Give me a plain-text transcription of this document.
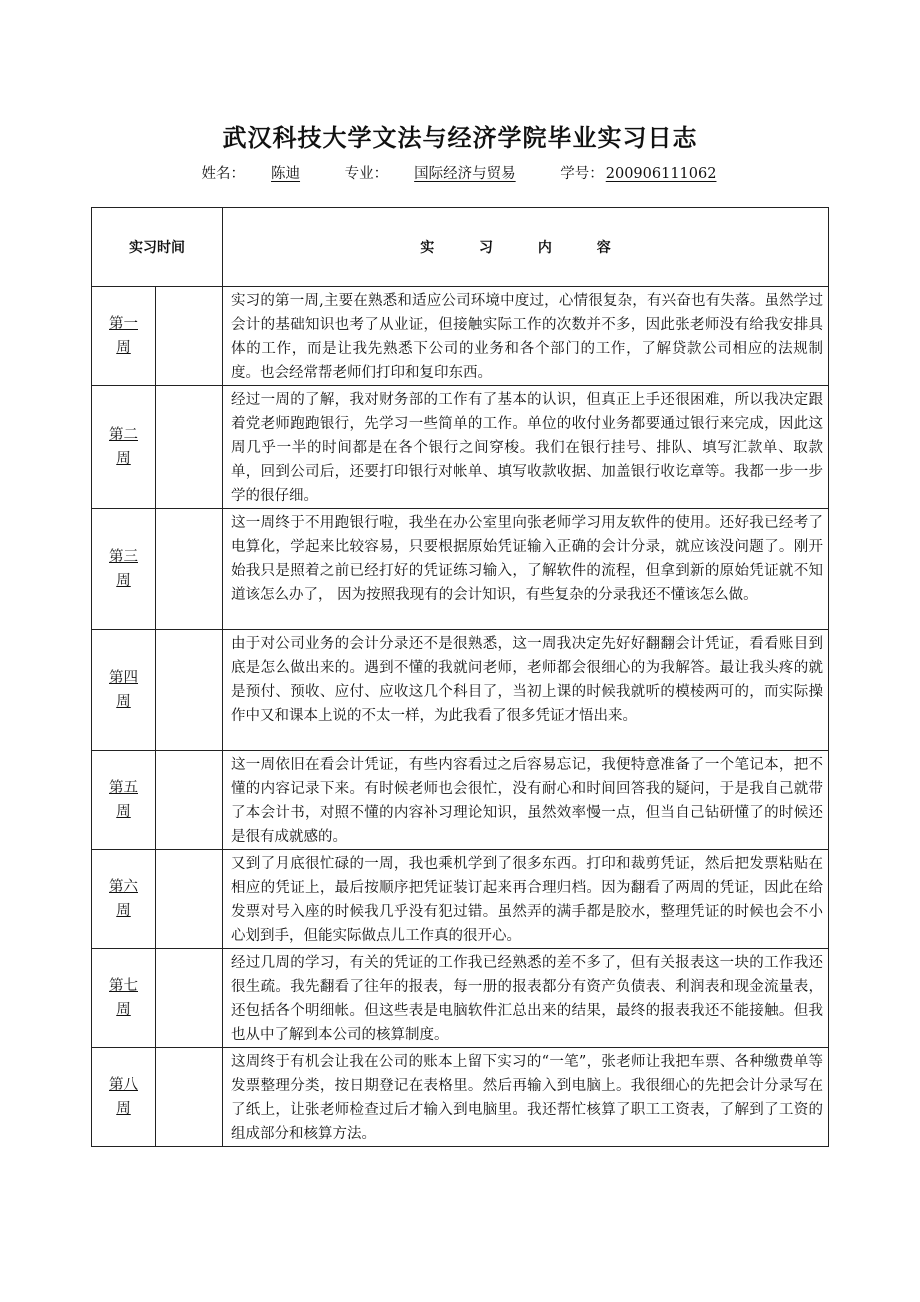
武汉科技大学文法与经济学院毕业实习日志
姓名： 陈迪	专业： 国际经济与贸易	学号： 200906111062
实习时间		实 习 内 容

第一
周		实习的第一周,主要在熟悉和适应公司环境中度过，心情很复杂，有兴奋也有失落。虽然学过会计的基础知识也考了从业证，但接触实际工作的次数并不多，因此张老师没有给我安排具体的工作，而是让我先熟悉下公司的业务和各个部门的工作，了解贷款公司相应的法规制度。也会经常帮老师们打印和复印东西。

第二
周		经过一周的了解，我对财务部的工作有了基本的认识，但真正上手还很困难，所以我决定跟着党老师跑跑银行，先学习一些简单的工作。单位的收付业务都要通过银行来完成，因此这周几乎一半的时间都是在各个银行之间穿梭。我们在银行挂号、排队、填写汇款单、取款单，回到公司后，还要打印银行对帐单、填写收款收据、加盖银行收讫章等。我都一步一步学的很仔细。

第三
周		这一周终于不用跑银行啦，我坐在办公室里向张老师学习用友软件的使用。还好我已经考了电算化，学起来比较容易，只要根据原始凭证输入正确的会计分录，就应该没问题了。刚开始我只是照着之前已经打好的凭证练习输入，了解软件的流程，但拿到新的原始凭证就不知道该怎么办了， 因为按照我现有的会计知识，有些复杂的分录我还不懂该怎么做。

第四
周		由于对公司业务的会计分录还不是很熟悉，这一周我决定先好好翻翻会计凭证，看看账目到底是怎么做出来的。遇到不懂的我就问老师，老师都会很细心的为我解答。最让我头疼的就是预付、预收、应付、应收这几个科目了，当初上课的时候我就听的模棱两可的，而实际操作中又和课本上说的不太一样，为此我看了很多凭证才悟出来。

第五
周		这一周依旧在看会计凭证，有些内容看过之后容易忘记，我便特意准备了一个笔记本，把不懂的内容记录下来。有时候老师也会很忙，没有耐心和时间回答我的疑问，于是我自己就带了本会计书，对照不懂的内容补习理论知识，虽然效率慢一点，但当自己钻研懂了的时候还是很有成就感的。

第六
周		又到了月底很忙碌的一周，我也乘机学到了很多东西。打印和裁剪凭证，然后把发票粘贴在相应的凭证上，最后按顺序把凭证装订起来再合理归档。因为翻看了两周的凭证，因此在给发票对号入座的时候我几乎没有犯过错。虽然弄的满手都是胶水，整理凭证的时候也会不小心划到手，但能实际做点儿工作真的很开心。

第七
周		经过几周的学习，有关的凭证的工作我已经熟悉的差不多了，但有关报表这一块的工作我还很生疏。我先翻看了往年的报表，每一册的报表都分有资产负债表、利润表和现金流量表，还包括各个明细帐。但这些表是电脑软件汇总出来的结果，最终的报表我还不能接触。但我也从中了解到本公司的核算制度。

第八
周		这周终于有机会让我在公司的账本上留下实习的“一笔”，张老师让我把车票、各种缴费单等发票整理分类，按日期登记在表格里。然后再输入到电脑上。我很细心的先把会计分录写在了纸上，让张老师检查过后才输入到电脑里。我还帮忙核算了职工工资表，了解到了工资的组成部分和核算方法。
